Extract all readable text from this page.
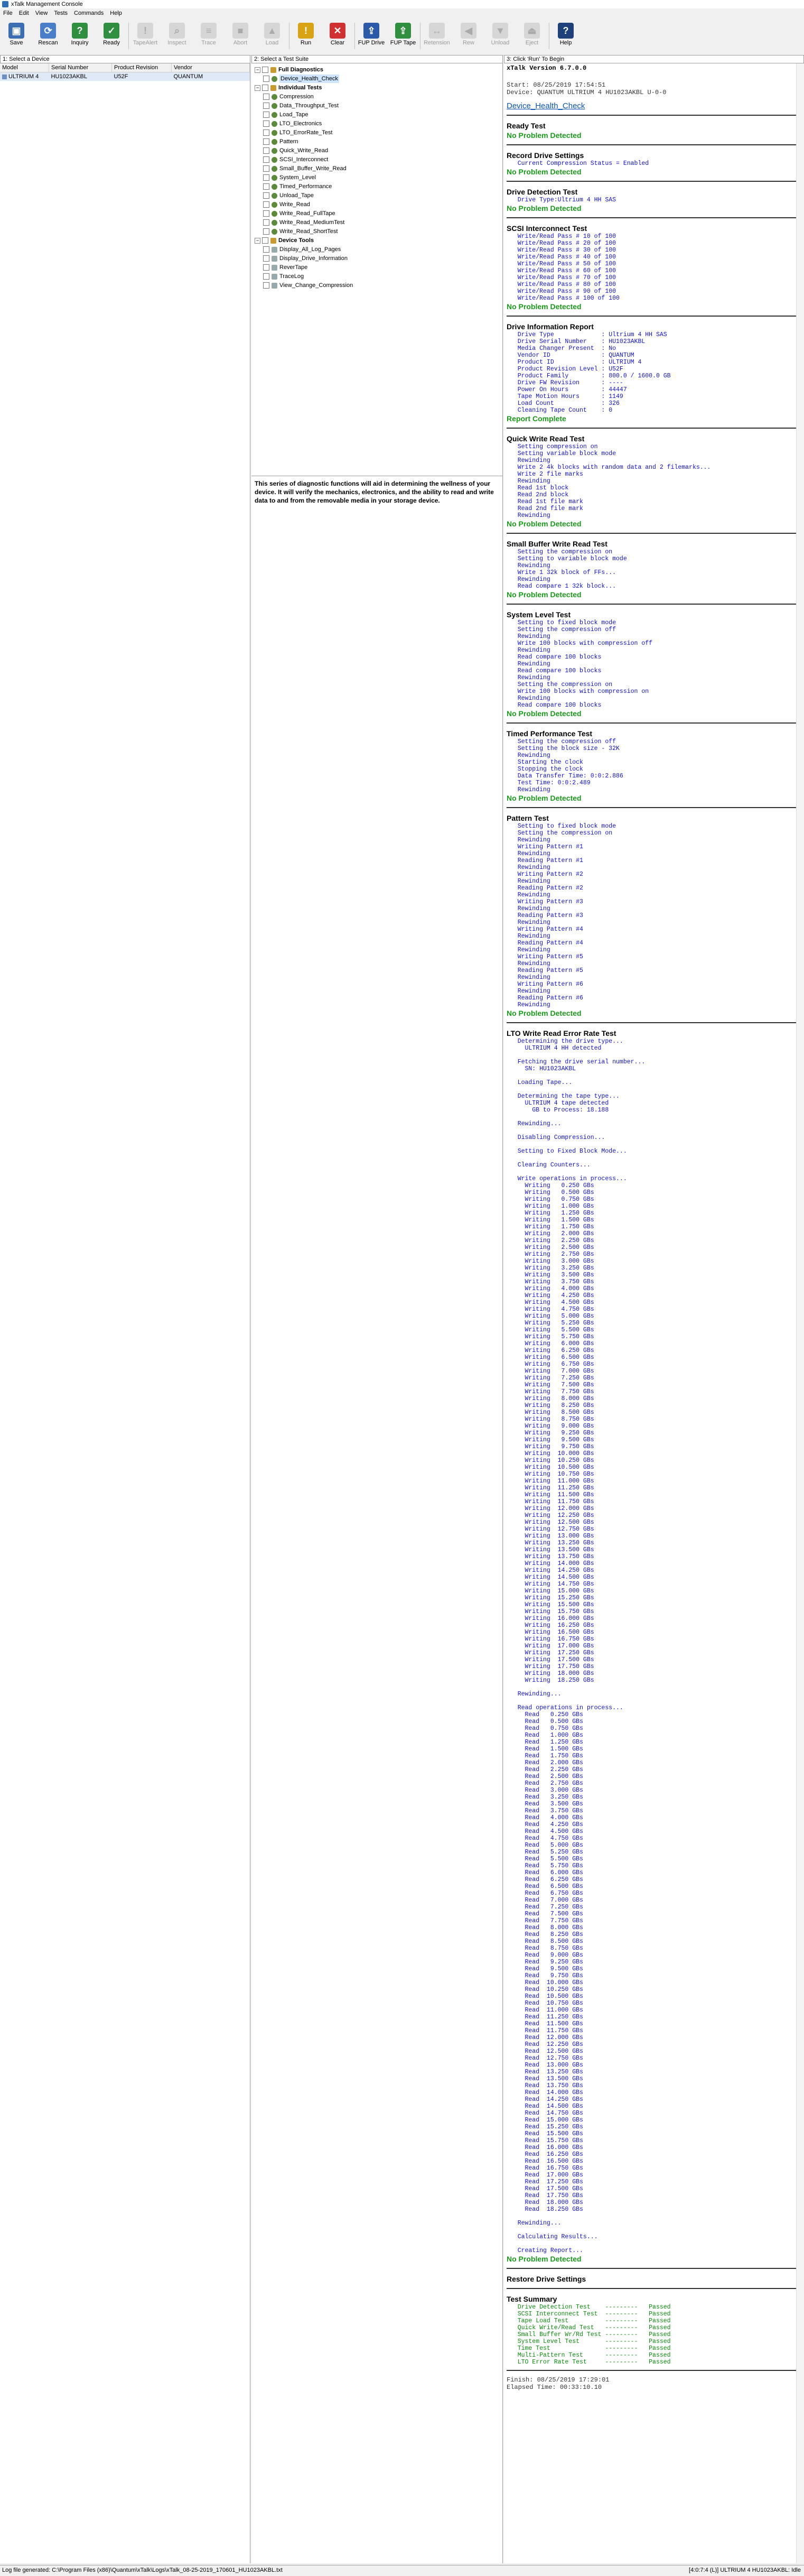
xTalk Management Console
File	Edit	View	Tests	Commands	Help
▣
Save
⟳
Rescan
?
Inquiry
✓
Ready
!
TapeAlert
⌕
Inspect
≡
Trace
■
Abort
▲
Load
!
Run
✕
Clear
⇪
FUP Drive
⇪
FUP Tape
↔
Retension
◀
Rew
▼
Unload
⏏
Eject
?
Help
1: Select a Device	2: Select a Test Suite	3: Click 'Run' To Begin
Model	Serial Number	Product Revision	Vendor
ULTRIUM 4	HU1023AKBL	U52F	QUANTUM
−	Full Diagnostics
Device_Health_Check
−	Individual Tests
Compression
Data_Throughput_Test
Load_Tape
LTO_Electronics
LTO_ErrorRate_Test
Pattern
Quick_Write_Read
SCSI_Interconnect
Small_Buffer_Write_Read
System_Level
Timed_Performance
Unload_Tape
Write_Read
Write_Read_FullTape
Write_Read_MediumTest
Write_Read_ShortTest
−	Device Tools
Display_All_Log_Pages
Display_Drive_Information
ReverTape
TraceLog
View_Change_Compression
This series of diagnostic functions will aid in determining the wellness of your device. It will verify the mechanics, electronics, and the ability to read and write data to and from the removable media in your storage device.
xTalk Version 6.7.0.0
Start: 08/25/2019 17:54:51
Device: QUANTUM ULTRIUM 4 HU1023AKBL U-0-0
Device_Health_Check
Ready Test
No Problem Detected
Record Drive Settings
Current Compression Status = Enabled
No Problem Detected
Drive Detection Test
Drive Type:Ultrium 4 HH SAS
No Problem Detected
SCSI Interconnect Test
Write/Read Pass # 10 of 100
Write/Read Pass # 20 of 100
Write/Read Pass # 30 of 100
Write/Read Pass # 40 of 100
Write/Read Pass # 50 of 100
Write/Read Pass # 60 of 100
Write/Read Pass # 70 of 100
Write/Read Pass # 80 of 100
Write/Read Pass # 90 of 100
Write/Read Pass # 100 of 100
No Problem Detected
Drive Information Report
Drive Type             : Ultrium 4 HH SAS
Drive Serial Number    : HU1023AKBL
Media Changer Present  : No
Vendor ID              : QUANTUM
Product ID             : ULTRIUM 4
Product Revision Level : U52F
Product Family         : 800.0 / 1600.0 GB
Drive FW Revision      : ----
Power On Hours         : 44447
Tape Motion Hours      : 1149
Load Count             : 326
Cleaning Tape Count    : 0
Report Complete
Quick Write Read Test
Setting compression on
Setting variable block mode
Rewinding
Write 2 4k blocks with random data and 2 filemarks...
Write 2 file marks
Rewinding
Read 1st block
Read 2nd block
Read 1st file mark
Read 2nd file mark
Rewinding
No Problem Detected
Small Buffer Write Read Test
Setting the compression on
Setting to variable block mode
Rewinding
Write 1 32k block of FFs...
Rewinding
Read compare 1 32k block...
No Problem Detected
System Level Test
Setting to fixed block mode
Setting the compression off
Rewinding
Write 100 blocks with compression off
Rewinding
Read compare 100 blocks
Rewinding
Read compare 100 blocks
Rewinding
Setting the compression on
Write 100 blocks with compression on
Rewinding
Read compare 100 blocks
No Problem Detected
Timed Performance Test
Setting the compression off
Setting the block size - 32K
Rewinding
Starting the clock
Stopping the clock
Data Transfer Time: 0:0:2.886
Test Time: 0:0:2.489
Rewinding
No Problem Detected
Pattern Test
Setting to fixed block mode
Setting the compression on
Rewinding
Writing Pattern #1
Rewinding
Reading Pattern #1
Rewinding
Writing Pattern #2
Rewinding
Reading Pattern #2
Rewinding
Writing Pattern #3
Rewinding
Reading Pattern #3
Rewinding
Writing Pattern #4
Rewinding
Reading Pattern #4
Rewinding
Writing Pattern #5
Rewinding
Reading Pattern #5
Rewinding
Writing Pattern #6
Rewinding
Reading Pattern #6
Rewinding
No Problem Detected
LTO Write Read Error Rate Test
Determining the drive type...
ULTRIUM 4 HH detected

Fetching the drive serial number...
SN: HU1023AKBL

Loading Tape...

Determining the tape type...
ULTRIUM 4 tape detected
GB to Process: 18.188

Rewinding...

Disabling Compression...

Setting to Fixed Block Mode...

Clearing Counters...

Write operations in process...
Writing   0.250 GBs
Writing   0.500 GBs
Writing   0.750 GBs
Writing   1.000 GBs
Writing   1.250 GBs
Writing   1.500 GBs
Writing   1.750 GBs
Writing   2.000 GBs
Writing   2.250 GBs
Writing   2.500 GBs
Writing   2.750 GBs
Writing   3.000 GBs
Writing   3.250 GBs
Writing   3.500 GBs
Writing   3.750 GBs
Writing   4.000 GBs
Writing   4.250 GBs
Writing   4.500 GBs
Writing   4.750 GBs
Writing   5.000 GBs
Writing   5.250 GBs
Writing   5.500 GBs
Writing   5.750 GBs
Writing   6.000 GBs
Writing   6.250 GBs
Writing   6.500 GBs
Writing   6.750 GBs
Writing   7.000 GBs
Writing   7.250 GBs
Writing   7.500 GBs
Writing   7.750 GBs
Writing   8.000 GBs
Writing   8.250 GBs
Writing   8.500 GBs
Writing   8.750 GBs
Writing   9.000 GBs
Writing   9.250 GBs
Writing   9.500 GBs
Writing   9.750 GBs
Writing  10.000 GBs
Writing  10.250 GBs
Writing  10.500 GBs
Writing  10.750 GBs
Writing  11.000 GBs
Writing  11.250 GBs
Writing  11.500 GBs
Writing  11.750 GBs
Writing  12.000 GBs
Writing  12.250 GBs
Writing  12.500 GBs
Writing  12.750 GBs
Writing  13.000 GBs
Writing  13.250 GBs
Writing  13.500 GBs
Writing  13.750 GBs
Writing  14.000 GBs
Writing  14.250 GBs
Writing  14.500 GBs
Writing  14.750 GBs
Writing  15.000 GBs
Writing  15.250 GBs
Writing  15.500 GBs
Writing  15.750 GBs
Writing  16.000 GBs
Writing  16.250 GBs
Writing  16.500 GBs
Writing  16.750 GBs
Writing  17.000 GBs
Writing  17.250 GBs
Writing  17.500 GBs
Writing  17.750 GBs
Writing  18.000 GBs
Writing  18.250 GBs

Rewinding...

Read operations in process...
Read   0.250 GBs
Read   0.500 GBs
Read   0.750 GBs
Read   1.000 GBs
Read   1.250 GBs
Read   1.500 GBs
Read   1.750 GBs
Read   2.000 GBs
Read   2.250 GBs
Read   2.500 GBs
Read   2.750 GBs
Read   3.000 GBs
Read   3.250 GBs
Read   3.500 GBs
Read   3.750 GBs
Read   4.000 GBs
Read   4.250 GBs
Read   4.500 GBs
Read   4.750 GBs
Read   5.000 GBs
Read   5.250 GBs
Read   5.500 GBs
Read   5.750 GBs
Read   6.000 GBs
Read   6.250 GBs
Read   6.500 GBs
Read   6.750 GBs
Read   7.000 GBs
Read   7.250 GBs
Read   7.500 GBs
Read   7.750 GBs
Read   8.000 GBs
Read   8.250 GBs
Read   8.500 GBs
Read   8.750 GBs
Read   9.000 GBs
Read   9.250 GBs
Read   9.500 GBs
Read   9.750 GBs
Read  10.000 GBs
Read  10.250 GBs
Read  10.500 GBs
Read  10.750 GBs
Read  11.000 GBs
Read  11.250 GBs
Read  11.500 GBs
Read  11.750 GBs
Read  12.000 GBs
Read  12.250 GBs
Read  12.500 GBs
Read  12.750 GBs
Read  13.000 GBs
Read  13.250 GBs
Read  13.500 GBs
Read  13.750 GBs
Read  14.000 GBs
Read  14.250 GBs
Read  14.500 GBs
Read  14.750 GBs
Read  15.000 GBs
Read  15.250 GBs
Read  15.500 GBs
Read  15.750 GBs
Read  16.000 GBs
Read  16.250 GBs
Read  16.500 GBs
Read  16.750 GBs
Read  17.000 GBs
Read  17.250 GBs
Read  17.500 GBs
Read  17.750 GBs
Read  18.000 GBs
Read  18.250 GBs

Rewinding...

Calculating Results...

Creating Report...
No Problem Detected
Restore Drive Settings
Test Summary
Drive Detection Test    ---------   Passed
SCSI Interconnect Test  ---------   Passed
Tape Load Test          ---------   Passed
Quick Write/Read Test   ---------   Passed
Small Buffer Wr/Rd Test ---------   Passed
System Level Test       ---------   Passed
Time Test               ---------   Passed
Multi-Pattern Test      ---------   Passed
LTO Error Rate Test     ---------   Passed
Finish: 08/25/2019 17:29:01
Elapsed Time: 00:33:10.10
Log file generated: C:\Program Files (x86)\Quantum\xTalk\Logs\xTalk_08-25-2019_170601_HU1023AKBL.txt	[4:0:7:4 (L)] ULTRIUM 4 HU1023AKBL: Idle
